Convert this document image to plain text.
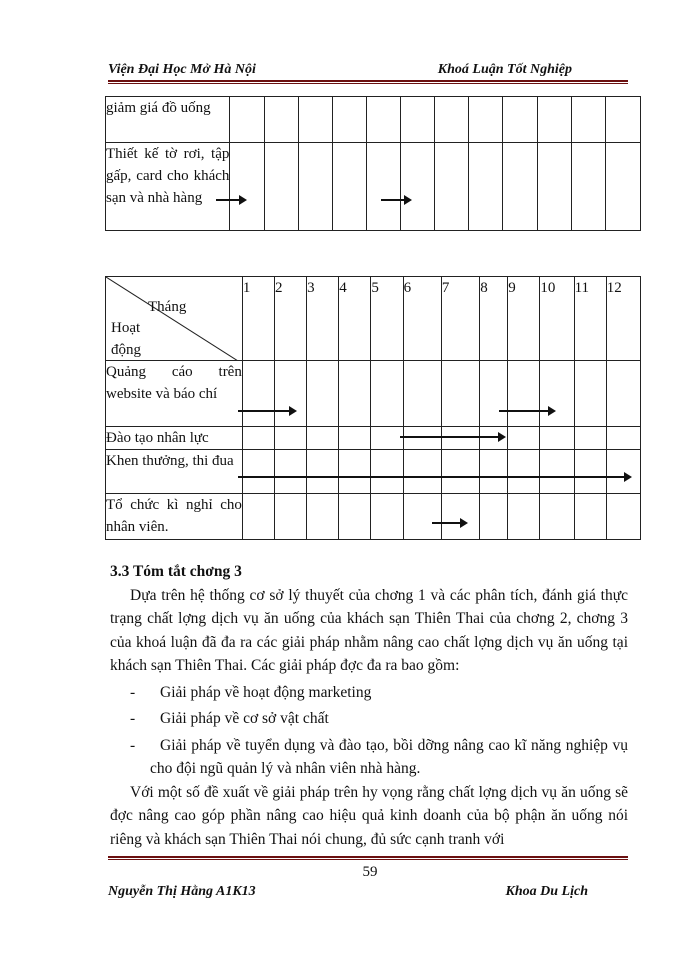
Viện Đại Học Mở Hà Nội	Khoá Luận Tốt Nghiệp
giảm giá đồ uống												
Thiết kế tờ rơi, tập gấp, card cho khách sạn và nhà hàng												
Tháng
Hoạt động	1	2	3	4	5	6	7	8	9	10	11	12
Quảng cáo trên website và báo chí												
Đào tạo nhân lực												
Khen thưởng, thi đua												
Tổ chức kì nghỉ cho nhân viên.												

3.3 Tóm tắt chơng 3

Dựa trên hệ thống cơ sở lý thuyết của chơng 1 và các phân tích, đánh giá thực trạng chất lợng dịch vụ ăn uống của khách sạn Thiên Thai của chơng 2, chơng 3 của khoá luận đã đa ra các giải pháp nhằm nâng cao chất lợng dịch vụ ăn uống tại khách sạn Thiên Thai. Các giải pháp đợc đa ra bao gồm:

- Giải pháp về hoạt động marketing

- Giải pháp về cơ sở vật chất

-	Giải pháp về tuyển dụng và đào tạo, bồi dỡng nâng cao kĩ năng nghiệp vụ cho đội ngũ quản lý và nhân viên nhà hàng.

Với một số đề xuất về giải pháp trên hy vọng rằng chất lợng dịch vụ ăn uống sẽ đợc nâng cao góp phần nâng cao hiệu quả kinh doanh của bộ phận ăn uống nói riêng và khách sạn Thiên Thai nói chung, đủ sức cạnh tranh với

59
Nguyễn Thị Hằng A1K13	Khoa Du Lịch
